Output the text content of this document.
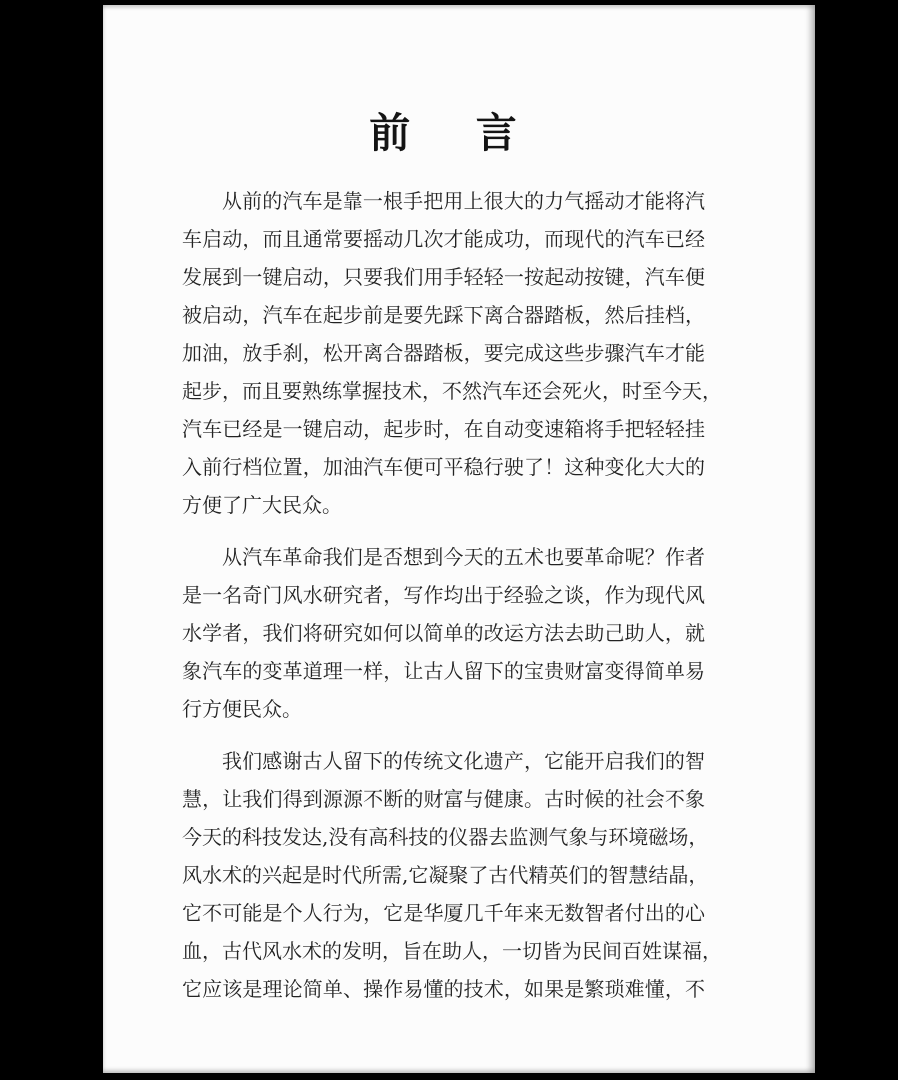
前 言
从前的汽车是靠一根手把用上很大的力气摇动才能将汽
车启动，而且通常要摇动几次才能成功，而现代的汽车已经
发展到一键启动，只要我们用手轻轻一按起动按键，汽车便
被启动，汽车在起步前是要先踩下离合器踏板，然后挂档，
加油，放手刹，松开离合器踏板，要完成这些步骤汽车才能
起步，而且要熟练掌握技术，不然汽车还会死火，时至今天，
汽车已经是一键启动，起步时，在自动变速箱将手把轻轻挂
入前行档位置，加油汽车便可平稳行驶了！这种变化大大的
方便了广大民众。
从汽车革命我们是否想到今天的五术也要革命呢？作者
是一名奇门风水研究者，写作均出于经验之谈，作为现代风
水学者，我们将研究如何以简单的改运方法去助己助人，就
象汽车的变革道理一样，让古人留下的宝贵财富变得简单易
行方便民众。
我们感谢古人留下的传统文化遗产，它能开启我们的智
慧，让我们得到源源不断的财富与健康。古时候的社会不象
今天的科技发达,没有高科技的仪器去监测气象与环境磁场，
风水术的兴起是时代所需,它凝聚了古代精英们的智慧结晶，
它不可能是个人行为，它是华厦几千年来无数智者付出的心
血，古代风水术的发明，旨在助人，一切皆为民间百姓谋福，
它应该是理论简单、操作易懂的技术，如果是繁琐难懂，不
